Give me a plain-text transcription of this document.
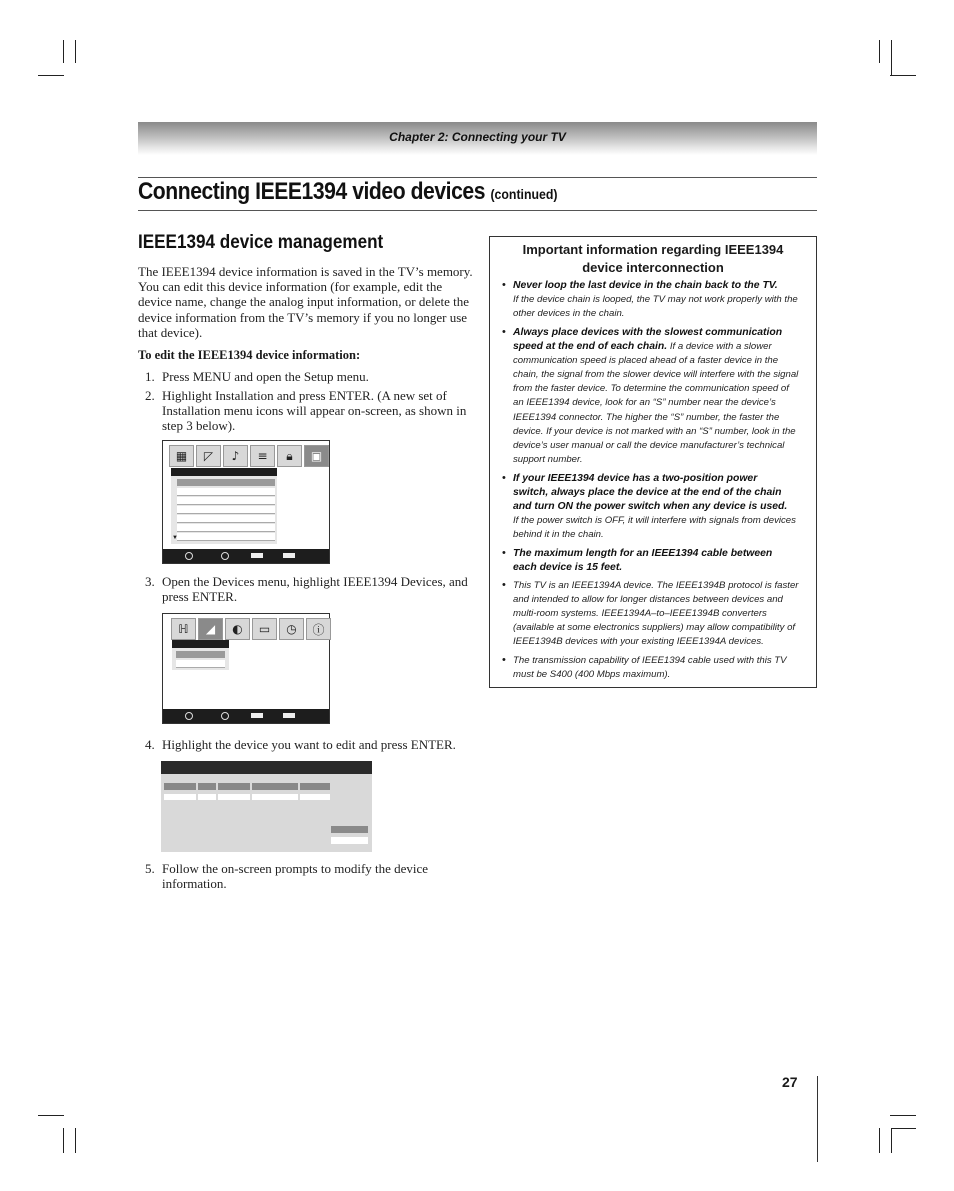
Chapter 2: Connecting your TV
Connecting IEEE1394 video devices (continued)
IEEE1394 device management
The IEEE1394 device information is saved in the TV’s memory.
You can edit this device information (for example, edit the
device name, change the analog input information, or delete the
device information from the TV’s memory if you no longer use
that device).
To edit the IEEE1394 device information:
1. Press MENU and open the Setup menu.
2. Highlight Installation and press ENTER. (A new set of
Installation menu icons will appear on-screen, as shown in
step 3 below).
▦	◸	♪	≡	🔒︎	▣
▼
3. Open the Devices menu, highlight IEEE1394 Devices, and
press ENTER.
ℍ	◢	◐	▭	◷	ⓘ
4. Highlight the device you want to edit and press ENTER.
5. Follow the on-screen prompts to modify the device
information.
Important information regarding IEEE1394
device interconnection
• Never loop the last device in the chain back to the TV.
If the device chain is looped, the TV may not work properly with the
other devices in the chain.
• Always place devices with the slowest communication
speed at the end of each chain. If a device with a slower
communication speed is placed ahead of a faster device in the
chain, the signal from the slower device will interfere with the signal
from the faster device. To determine the communication speed of
an IEEE1394 device, look for an “S” number near the device’s
IEEE1394 connector. The higher the “S” number, the faster the
device. If your device is not marked with an “S” number, look in the
device’s user manual or call the device manufacturer’s technical
support number.
• If your IEEE1394 device has a two-position power
switch, always place the device at the end of the chain
and turn ON the power switch when any device is used.
If the power switch is OFF, it will interfere with signals from devices
behind it in the chain.
• The maximum length for an IEEE1394 cable between
each device is 15 feet.
• This TV is an IEEE1394A device. The IEEE1394B protocol is faster
and intended to allow for longer distances between devices and
multi-room systems. IEEE1394A–to–IEEE1394B converters
(available at some electronics suppliers) may allow compatibility of
IEEE1394B devices with your existing IEEE1394A devices.
• The transmission capability of IEEE1394 cable used with this TV
must be S400 (400 Mbps maximum).
27
